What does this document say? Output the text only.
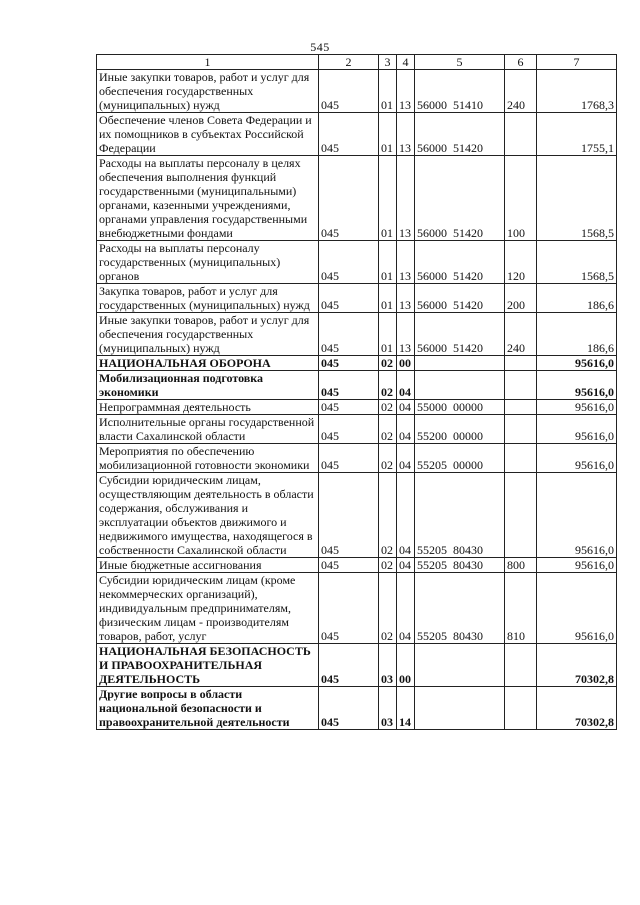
545
1	2	3	4	5	6	7
Иные закупки товаров, работ и услуг для обеспечения государственных (муниципальных) нужд	045	01	13	56000 51410	240	1768,3
Обеспечение членов Совета Федерации и их помощников в субъектах Российской Федерации	045	01	13	56000 51420		1755,1
Расходы на выплаты персоналу в целях обеспечения выполнения функций государственными (муниципальными) органами, казенными учреждениями, органами управления государственными внебюджетными фондами	045	01	13	56000 51420	100	1568,5
Расходы на выплаты персоналу государственных (муниципальных) органов	045	01	13	56000 51420	120	1568,5
Закупка товаров, работ и услуг для государственных (муниципальных) нужд	045	01	13	56000 51420	200	186,6
Иные закупки товаров, работ и услуг для обеспечения государственных (муниципальных) нужд	045	01	13	56000 51420	240	186,6
НАЦИОНАЛЬНАЯ ОБОРОНА	045	02	00			95616,0
Мобилизационная подготовка экономики	045	02	04			95616,0
Непрограммная деятельность	045	02	04	55000 00000		95616,0
Исполнительные органы государственной власти Сахалинской области	045	02	04	55200 00000		95616,0
Мероприятия по обеспечению мобилизационной готовности экономики	045	02	04	55205 00000		95616,0
Субсидии юридическим лицам, осуществляющим деятельность в области содержания, обслуживания и эксплуатации объектов движимого и недвижимого имущества, находящегося в собственности Сахалинской области	045	02	04	55205 80430		95616,0
Иные бюджетные ассигнования	045	02	04	55205 80430	800	95616,0
Субсидии юридическим лицам (кроме некоммерческих организаций), индивидуальным предпринимателям, физическим лицам - производителям товаров, работ, услуг	045	02	04	55205 80430	810	95616,0
НАЦИОНАЛЬНАЯ БЕЗОПАСНОСТЬ И ПРАВООХРАНИТЕЛЬНАЯ ДЕЯТЕЛЬНОСТЬ	045	03	00			70302,8
Другие вопросы в области национальной безопасности и правоохранительной деятельности	045	03	14			70302,8
